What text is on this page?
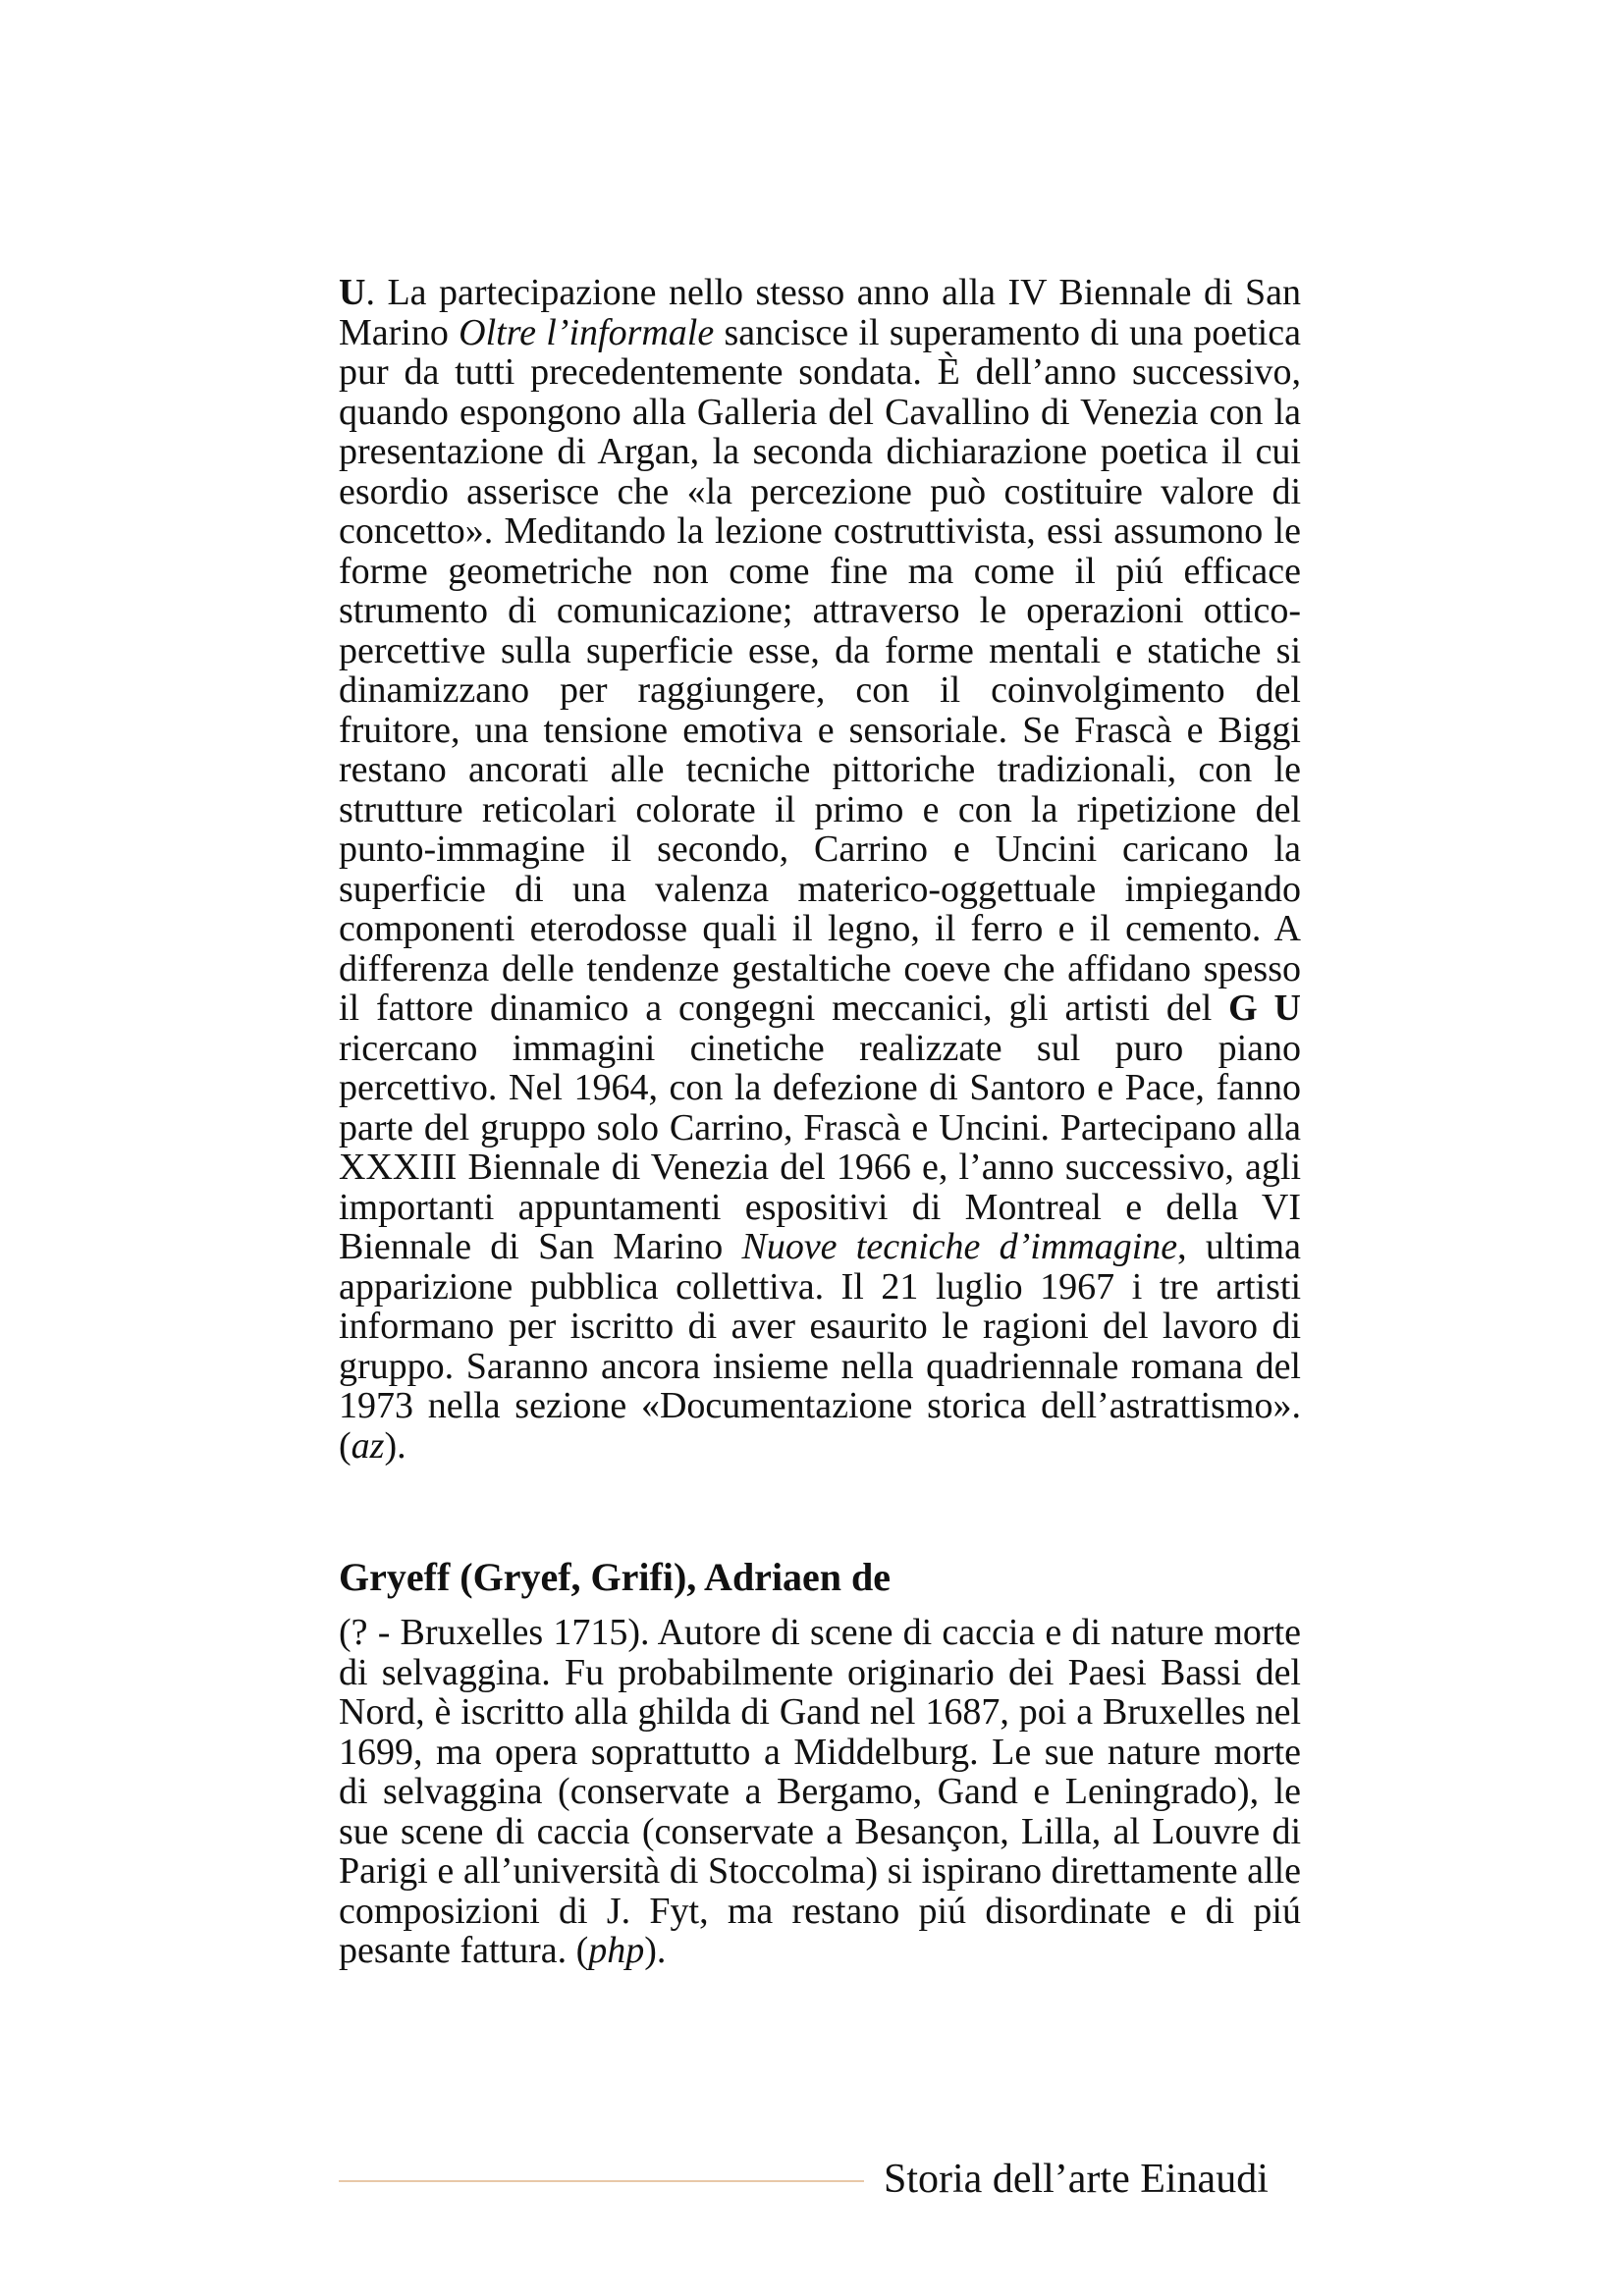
U. La partecipazione nello stesso anno alla IV Biennale di San Marino Oltre l’informale sancisce il superamento di una poetica pur da tutti precedentemente sondata. È dell’anno successivo, quando espongono alla Galleria del Cavallino di Venezia con la presentazione di Argan, la seconda dichiarazione poetica il cui esordio asserisce che «la percezione può costituire valore di concetto». Meditando la lezione costruttivista, essi assumono le forme geometriche non come fine ma come il piú efficace strumento di comunicazione; attraverso le operazioni ottico-percettive sulla superficie esse, da forme mentali e statiche si dinamizzano per raggiungere, con il coinvolgimento del fruitore, una tensione emotiva e sensoriale. Se Frascà e Biggi restano ancorati alle tecniche pittoriche tradizionali, con le strutture reticolari colorate il primo e con la ripetizione del punto-immagine il secondo, Carrino e Uncini caricano la superficie di una valenza materico-oggettuale impiegando componenti eterodosse quali il legno, il ferro e il cemento. A differenza delle tendenze gestaltiche coeve che affidano spesso il fattore dinamico a congegni meccanici, gli artisti del G U ricercano immagini cinetiche realizzate sul puro piano percettivo. Nel 1964, con la defezione di Santoro e Pace, fanno parte del gruppo solo Carrino, Frascà e Uncini. Partecipano alla XXXIII Biennale di Venezia del 1966 e, l’anno successivo, agli importanti appuntamenti espositivi di Montreal e della VI Biennale di San Marino Nuove tecniche d’immagine, ultima apparizione pubblica collettiva. Il 21 luglio 1967 i tre artisti informano per iscritto di aver esaurito le ragioni del lavoro di gruppo. Saranno ancora insieme nella quadriennale romana del 1973 nella sezione «Documentazione storica dell’astrattismo». (az).

Gryeff (Gryef, Grifi), Adriaen de

(? - Bruxelles 1715). Autore di scene di caccia e di nature morte di selvaggina. Fu probabilmente originario dei Paesi Bassi del Nord, è iscritto alla ghilda di Gand nel 1687, poi a Bruxelles nel 1699, ma opera soprattutto a Middelburg. Le sue nature morte di selvaggina (conservate a Bergamo, Gand e Leningrado), le sue scene di caccia (conservate a Besançon, Lilla, al Louvre di Parigi e all’università di Stoccolma) si ispirano direttamente alle composizioni di J. Fyt, ma restano piú disordinate e di piú pesante fattura. (php).

Storia dell’arte Einaudi
